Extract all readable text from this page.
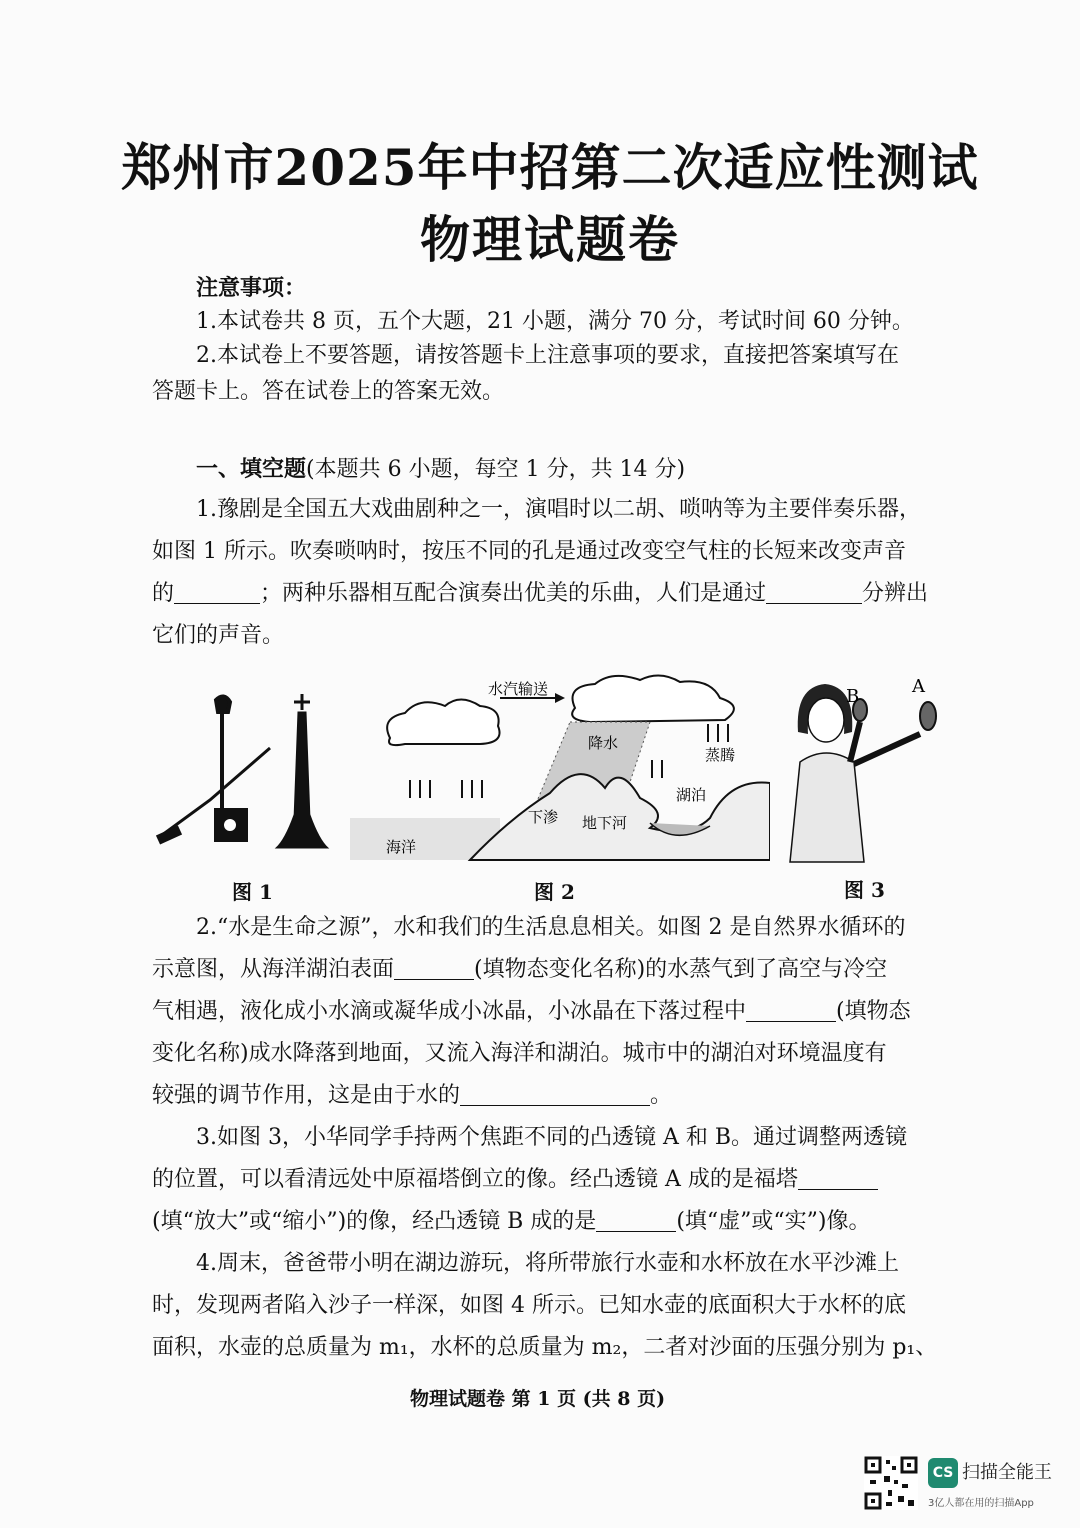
郑州市2025年中招第二次适应性测试
物理试题卷
注意事项：
1.本试卷共 8 页，五个大题，21 小题，满分 70 分，考试时间 60 分钟。
2.本试卷上不要答题，请按答题卡上注意事项的要求，直接把答案填写在
答题卡上。答在试卷上的答案无效。
一、填空题(本题共 6 小题，每空 1 分，共 14 分)
1.豫剧是全国五大戏曲剧种之一，演唱时以二胡、唢呐等为主要伴奏乐器，
如图 1 所示。吹奏唢呐时，按压不同的孔是通过改变空气柱的长短来改变声音
的	；两种乐器相互配合演奏出优美的乐曲，人们是通过	分辨出
它们的声音。
水汽输送
降水
蒸腾
湖泊
下渗 地下河
海洋
B	A
图 1	图 2	图 3
2.“水是生命之源”，水和我们的生活息息相关。如图 2 是自然界水循环的
示意图，从海洋湖泊表面	(填物态变化名称)的水蒸气到了高空与冷空
气相遇，液化成小水滴或凝华成小冰晶，小冰晶在下落过程中	(填物态
变化名称)成水降落到地面，又流入海洋和湖泊。城市中的湖泊对环境温度有
较强的调节作用，这是由于水的	。
3.如图 3，小华同学手持两个焦距不同的凸透镜 A 和 B。通过调整两透镜
的位置，可以看清远处中原福塔倒立的像。经凸透镜 A 成的是福塔
(填“放大”或“缩小”)的像，经凸透镜 B 成的是	(填“虚”或“实”)像。
4.周末，爸爸带小明在湖边游玩，将所带旅行水壶和水杯放在水平沙滩上
时，发现两者陷入沙子一样深，如图 4 所示。已知水壶的底面积大于水杯的底
面积，水壶的总质量为 m₁，水杯的总质量为 m₂，二者对沙面的压强分别为 p₁、
物理试题卷 第 1 页 (共 8 页)
CS 扫描全能王
3亿人都在用的扫描App
